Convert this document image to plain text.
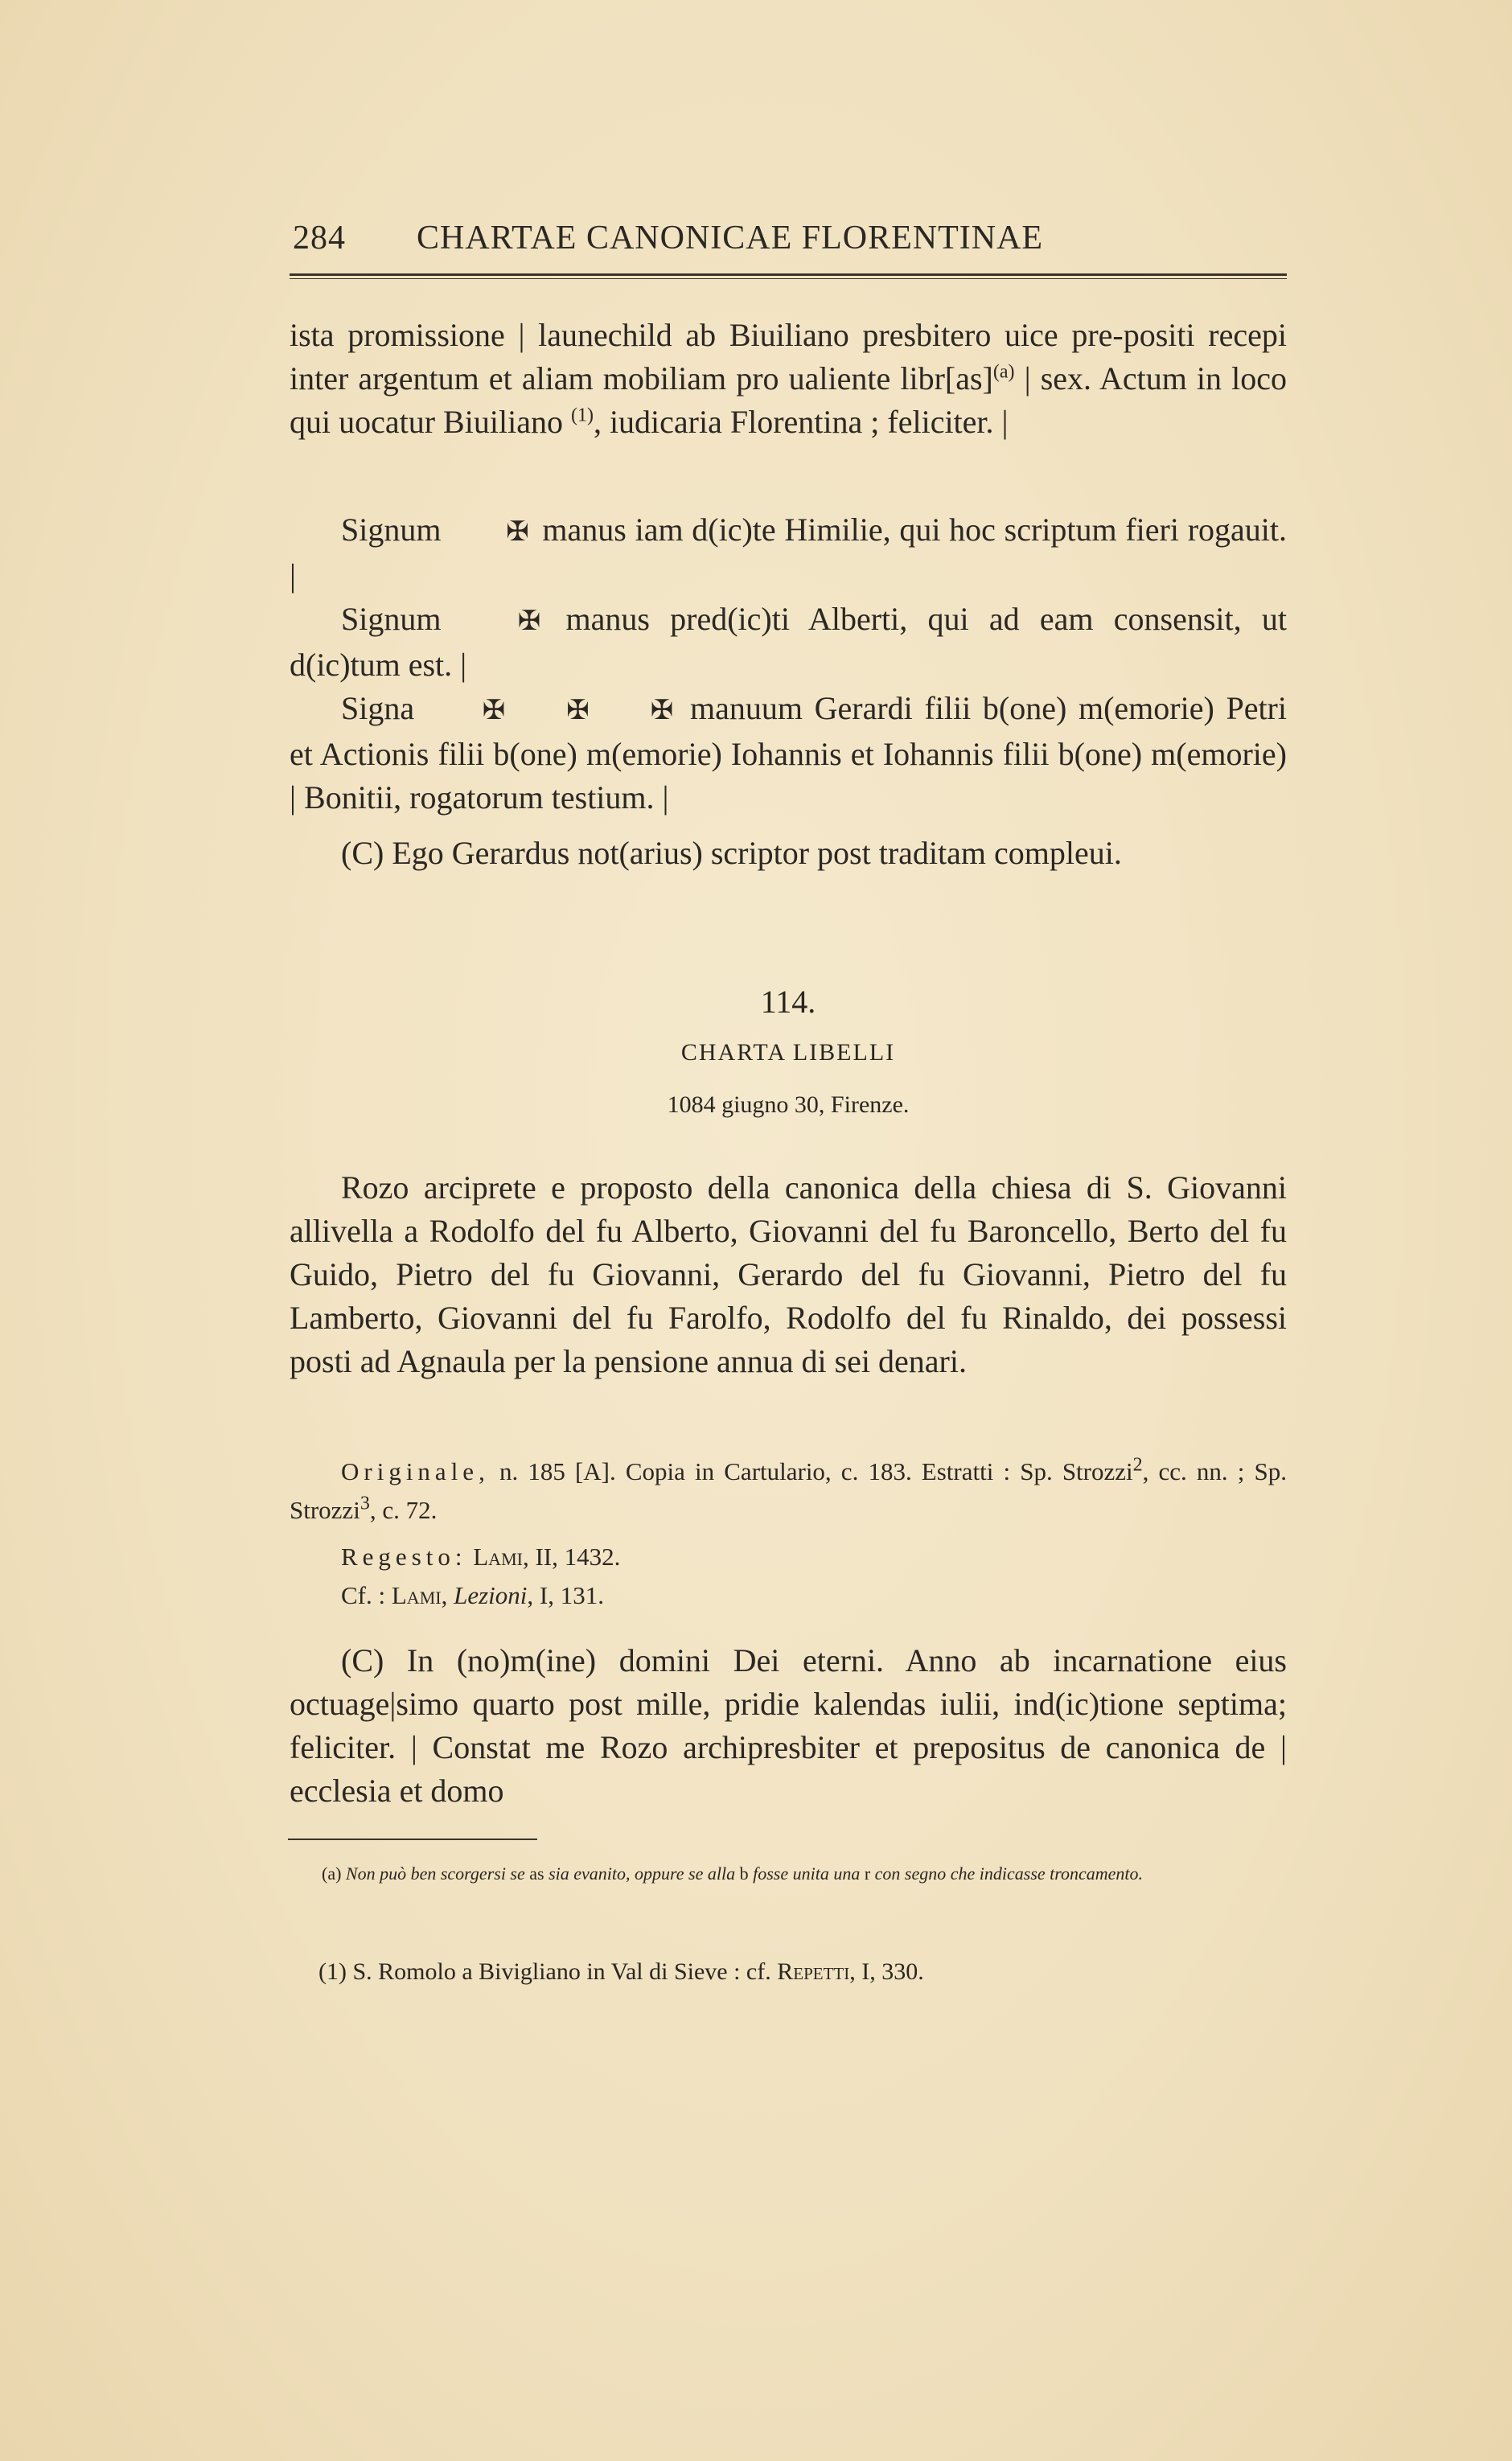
284 CHARTAE CANONICAE FLORENTINAE

ista promissione | launechild ab Biuiliano presbitero uice pre-positi recepi inter argentum et aliam mobiliam pro ualiente libr[as]$^{(a)}$ | sex. Actum in loco qui uocatur Biuiliano $^{(1)}$, iudicaria Florentina ; feliciter. |

Signum ✠ manus iam d(ic)te Himilie, qui hoc scriptum fieri rogauit. |

Signum ✠ manus pred(ic)ti Alberti, qui ad eam consensit, ut d(ic)tum est. |

Signa ✠ ✠ ✠ manuum Gerardi filii b(one) m(emorie) Petri et Actionis filii b(one) m(emorie) Iohannis et Iohannis filii b(one) m(emorie) | Bonitii, rogatorum testium. |

(C) Ego Gerardus not(arius) scriptor post traditam compleui.

114.
CHARTA LIBELLI
1084 giugno 30, Firenze.

Rozo arciprete e proposto della canonica della chiesa di S. Giovanni allivella a Rodolfo del fu Alberto, Giovanni del fu Baroncello, Berto del fu Guido, Pietro del fu Giovanni, Gerardo del fu Giovanni, Pietro del fu Lamberto, Giovanni del fu Farolfo, Rodolfo del fu Rinaldo, dei possessi posti ad Agnaula per la pensione annua di sei denari.

Originale, n. 185 [A]. Copia in Cartulario, c. 183. Estratti : Sp. Strozzi$^2$, cc. nn. ; Sp. Strozzi$^3$, c. 72.

Regesto: Lami, II, 1432.

Cf. : Lami, Lezioni, I, 131.

(C) In (no)m(ine) domini Dei eterni. Anno ab incarnatione eius octuage|simo quarto post mille, pridie kalendas iulii, ind(ic)tione septima; feliciter. | Constat me Rozo archipresbiter et prepositus de canonica de | ecclesia et domo

(a) Non può ben scorgersi se as sia evanito, oppure se alla b fosse unita una r con segno che indicasse troncamento.

(1) S. Romolo a Bivigliano in Val di Sieve : cf. Repetti, I, 330.
